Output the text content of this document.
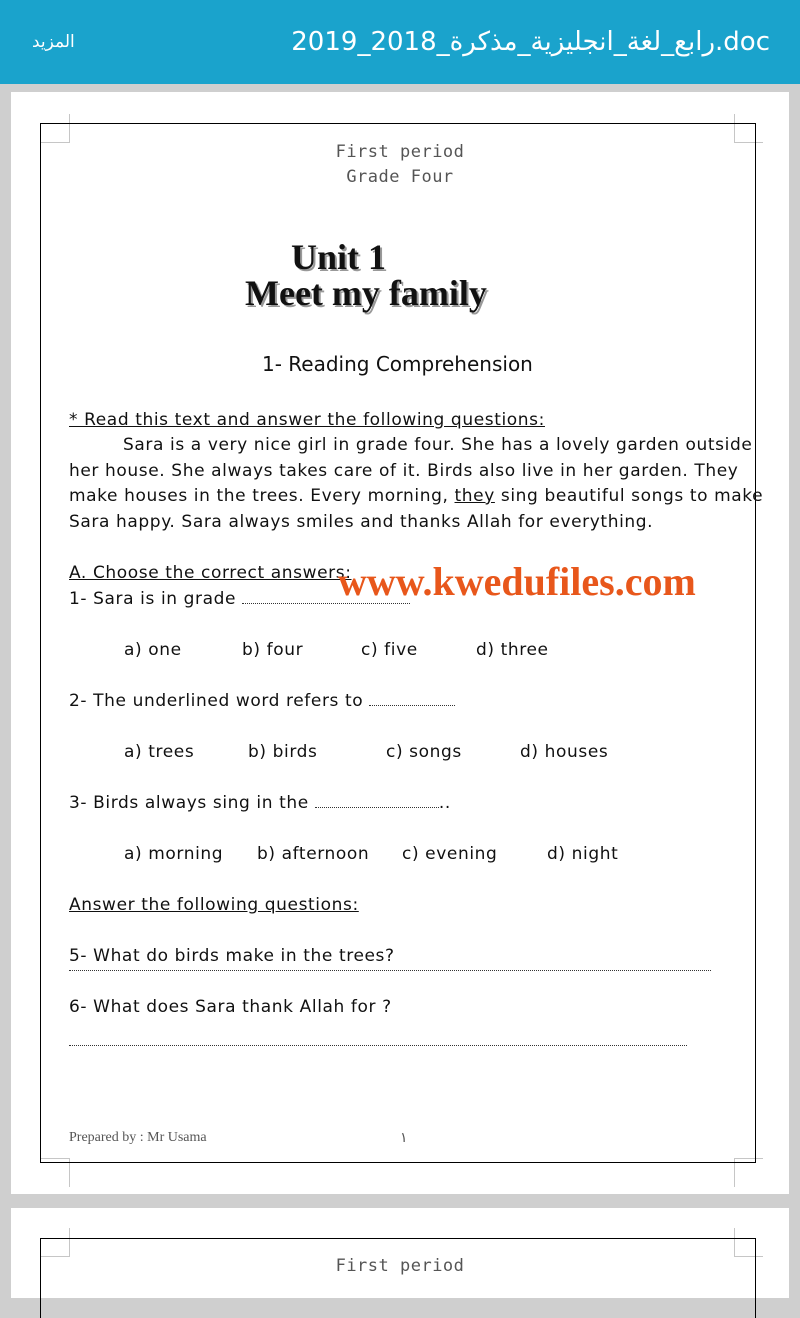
المزيد	رابع_لغة_انجليزية_مذكرة_2018_2019.doc
First period
Grade Four
Unit 1
Meet my family
1- Reading Comprehension
* Read this text and answer the following questions:
Sara is a very nice girl in grade four. She has a lovely garden outside
her house. She always takes care of it. Birds also live in her garden. They
make houses in the trees. Every morning, they sing beautiful songs to make
Sara happy. Sara always smiles and thanks Allah for everything.
A. Choose the correct answers:
www.kwedufiles.com
1- Sara is in grade
a) one	b) four	c) five	d) three
2- The underlined word refers to
a) trees	b) birds	c) songs	d) houses
3- Birds always sing in the	..
a) morning b) afternoon c) evening	d) night
Answer the following questions:
5- What do birds make in the trees?
6- What does Sara thank Allah for ?
Prepared by : Mr Usama	١
First period
